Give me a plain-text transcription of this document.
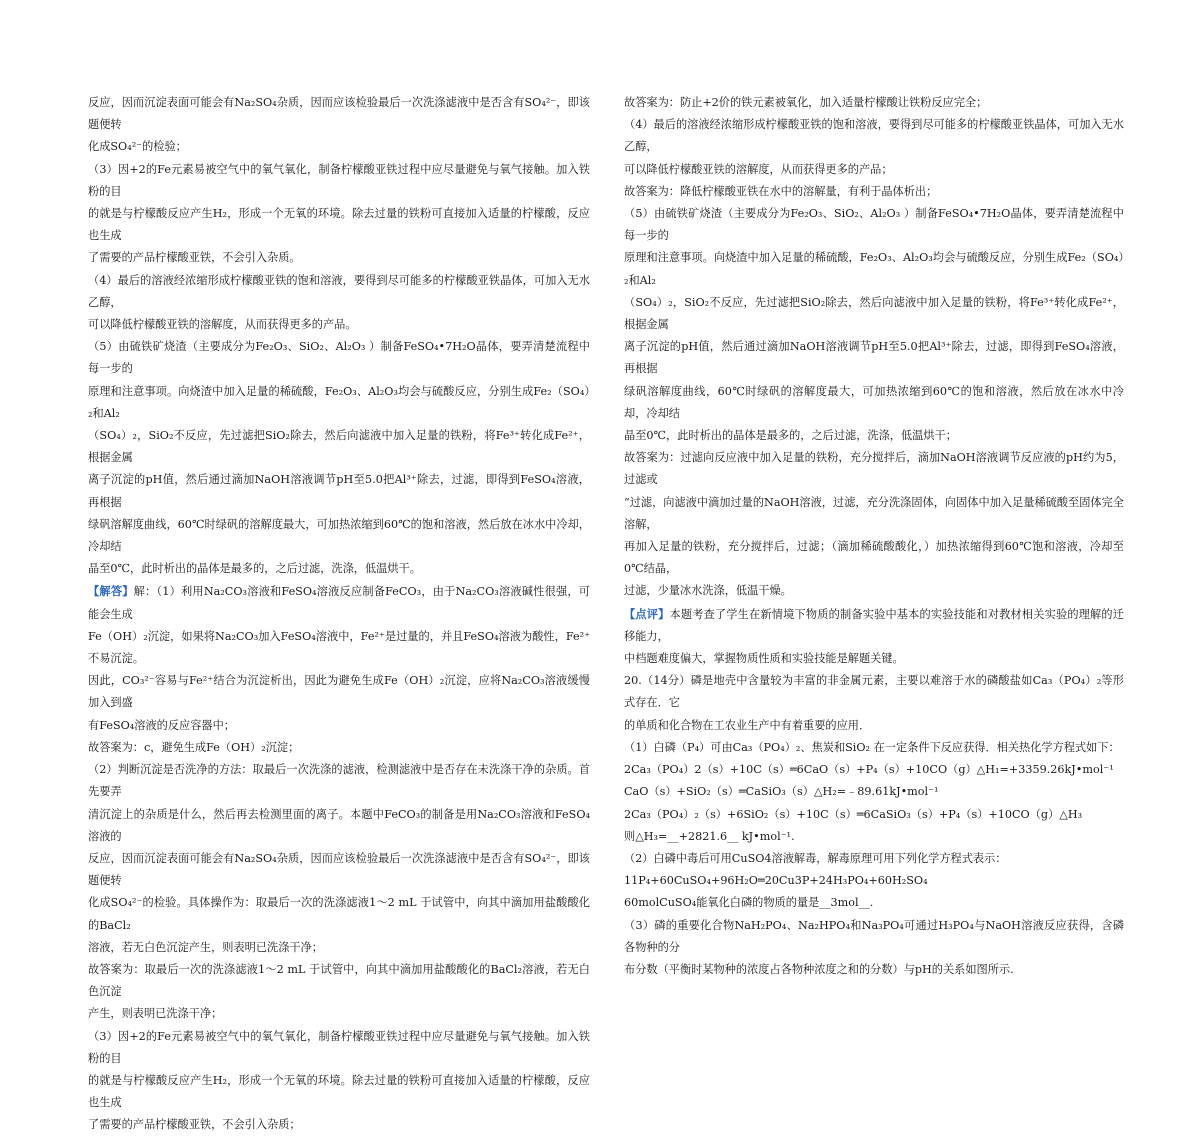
反应，因而沉淀表面可能会有Na₂SO₄杂质，因而应该检验最后一次洗涤滤液中是否含有SO₄²⁻，即该题便转

化成SO₄²⁻的检验；

（3）因+2的Fe元素易被空气中的氧气氧化，制备柠檬酸亚铁过程中应尽量避免与氧气接触。加入铁粉的目

的就是与柠檬酸反应产生H₂，形成一个无氧的环境。除去过量的铁粉可直接加入适量的柠檬酸，反应也生成

了需要的产品柠檬酸亚铁，不会引入杂质。

（4）最后的溶液经浓缩形成柠檬酸亚铁的饱和溶液，要得到尽可能多的柠檬酸亚铁晶体，可加入无水乙醇，

可以降低柠檬酸亚铁的溶解度，从而获得更多的产品。

（5）由硫铁矿烧渣（主要成分为Fe₂O₃、SiO₂、Al₂O₃ ）制备FeSO₄•7H₂O晶体，要弄清楚流程中每一步的

原理和注意事项。向烧渣中加入足量的稀硫酸，Fe₂O₃、Al₂O₃均会与硫酸反应，分别生成Fe₂（SO₄）₂和Al₂

（SO₄）₂，SiO₂不反应，先过滤把SiO₂除去，然后向滤液中加入足量的铁粉，将Fe³⁺转化成Fe²⁺，根据金属

离子沉淀的pH值，然后通过滴加NaOH溶液调节pH至5.0把Al³⁺除去，过滤，即得到FeSO₄溶液，再根据

绿矾溶解度曲线，60℃时绿矾的溶解度最大，可加热浓缩到60℃的饱和溶液，然后放在冰水中冷却，冷却结

晶至0℃，此时析出的晶体是最多的，之后过滤，洗涤，低温烘干。

【解答】解：（1）利用Na₂CO₃溶液和FeSO₄溶液反应制备FeCO₃，由于Na₂CO₃溶液碱性很强，可能会生成

Fe（OH）₂沉淀，如果将Na₂CO₃加入FeSO₄溶液中，Fe²⁺是过量的，并且FeSO₄溶液为酸性，Fe²⁺不易沉淀。

因此，CO₃²⁻容易与Fe²⁺结合为沉淀析出，因此为避免生成Fe（OH）₂沉淀，应将Na₂CO₃溶液缓慢加入到盛

有FeSO₄溶液的反应容器中；

故答案为：c，避免生成Fe（OH）₂沉淀；

（2）判断沉淀是否洗净的方法：取最后一次洗涤的滤液，检测滤液中是否存在未洗涤干净的杂质。首先要弄

清沉淀上的杂质是什么，然后再去检测里面的离子。本题中FeCO₃的制备是用Na₂CO₃溶液和FeSO₄溶液的

反应，因而沉淀表面可能会有Na₂SO₄杂质，因而应该检验最后一次洗涤滤液中是否含有SO₄²⁻，即该题便转

化成SO₄²⁻的检验。具体操作为：取最后一次的洗涤滤液1～2 mL 于试管中，向其中滴加用盐酸酸化的BaCl₂

溶液，若无白色沉淀产生，则表明已洗涤干净；

故答案为：取最后一次的洗涤滤液1～2 mL 于试管中，向其中滴加用盐酸酸化的BaCl₂溶液，若无白色沉淀

产生，则表明已洗涤干净；

（3）因+2的Fe元素易被空气中的氧气氧化，制备柠檬酸亚铁过程中应尽量避免与氧气接触。加入铁粉的目

的就是与柠檬酸反应产生H₂，形成一个无氧的环境。除去过量的铁粉可直接加入适量的柠檬酸，反应也生成

了需要的产品柠檬酸亚铁，不会引入杂质；

故答案为：防止+2价的铁元素被氧化，加入适量柠檬酸让铁粉反应完全；

（4）最后的溶液经浓缩形成柠檬酸亚铁的饱和溶液，要得到尽可能多的柠檬酸亚铁晶体，可加入无水乙醇，

可以降低柠檬酸亚铁的溶解度，从而获得更多的产品；

故答案为：降低柠檬酸亚铁在水中的溶解量，有利于晶体析出；

（5）由硫铁矿烧渣（主要成分为Fe₂O₃、SiO₂、Al₂O₃ ）制备FeSO₄•7H₂O晶体，要弄清楚流程中每一步的

原理和注意事项。向烧渣中加入足量的稀硫酸，Fe₂O₃、Al₂O₃均会与硫酸反应，分别生成Fe₂（SO₄）₂和Al₂

（SO₄）₂，SiO₂不反应，先过滤把SiO₂除去，然后向滤液中加入足量的铁粉，将Fe³⁺转化成Fe²⁺，根据金属

离子沉淀的pH值，然后通过滴加NaOH溶液调节pH至5.0把Al³⁺除去，过滤，即得到FeSO₄溶液，再根据

绿矾溶解度曲线，60℃时绿矾的溶解度最大，可加热浓缩到60℃的饱和溶液，然后放在冰水中冷却，冷却结

晶至0℃，此时析出的晶体是最多的，之后过滤，洗涤，低温烘干；

故答案为：过滤向反应液中加入足量的铁粉，充分搅拌后，滴加NaOH溶液调节反应液的pH约为5，过滤或

“过滤，向滤液中滴加过量的NaOH溶液，过滤，充分洗涤固体，向固体中加入足量稀硫酸至固体完全溶解，

再加入足量的铁粉，充分搅拌后，过滤；（滴加稀硫酸酸化，）加热浓缩得到60℃饱和溶液，冷却至0℃结晶，

过滤，少量冰水洗涤，低温干燥。

【点评】本题考查了学生在新情境下物质的制备实验中基本的实验技能和对教材相关实验的理解的迁移能力，

中档题难度偏大，掌握物质性质和实验技能是解题关键。

20.（14分）磷是地壳中含量较为丰富的非金属元素，主要以难溶于水的磷酸盐如Ca₃（PO₄）₂等形式存在．它

的单质和化合物在工农业生产中有着重要的应用．

（1）白磷（P₄）可由Ca₃（PO₄）₂、焦炭和SiO₂ 在一定条件下反应获得．相关热化学方程式如下：

2Ca₃（PO₄）2（s）+10C（s）═6CaO（s）+P₄（s）+10CO（g）△H₁=+3359.26kJ•mol⁻¹

CaO（s）+SiO₂（s）═CaSiO₃（s）△H₂=﹣89.61kJ•mol⁻¹

2Ca₃（PO₄）₂（s）+6SiO₂（s）+10C（s）═6CaSiO₃（s）+P₄（s）+10CO（g）△H₃

则△H₃=__+2821.6__ kJ•mol⁻¹.

（2）白磷中毒后可用CuSO4溶液解毒，解毒原理可用下列化学方程式表示：

11P₄+60CuSO₄+96H₂O═20Cu3P+24H₃PO₄+60H₂SO₄

60molCuSO₄能氧化白磷的物质的量是__3mol__.

（3）磷的重要化合物NaH₂PO₄、Na₂HPO₄和Na₃PO₄可通过H₃PO₄与NaOH溶液反应获得，含磷各物种的分

布分数（平衡时某物种的浓度占各物种浓度之和的分数）与pH的关系如图所示.
